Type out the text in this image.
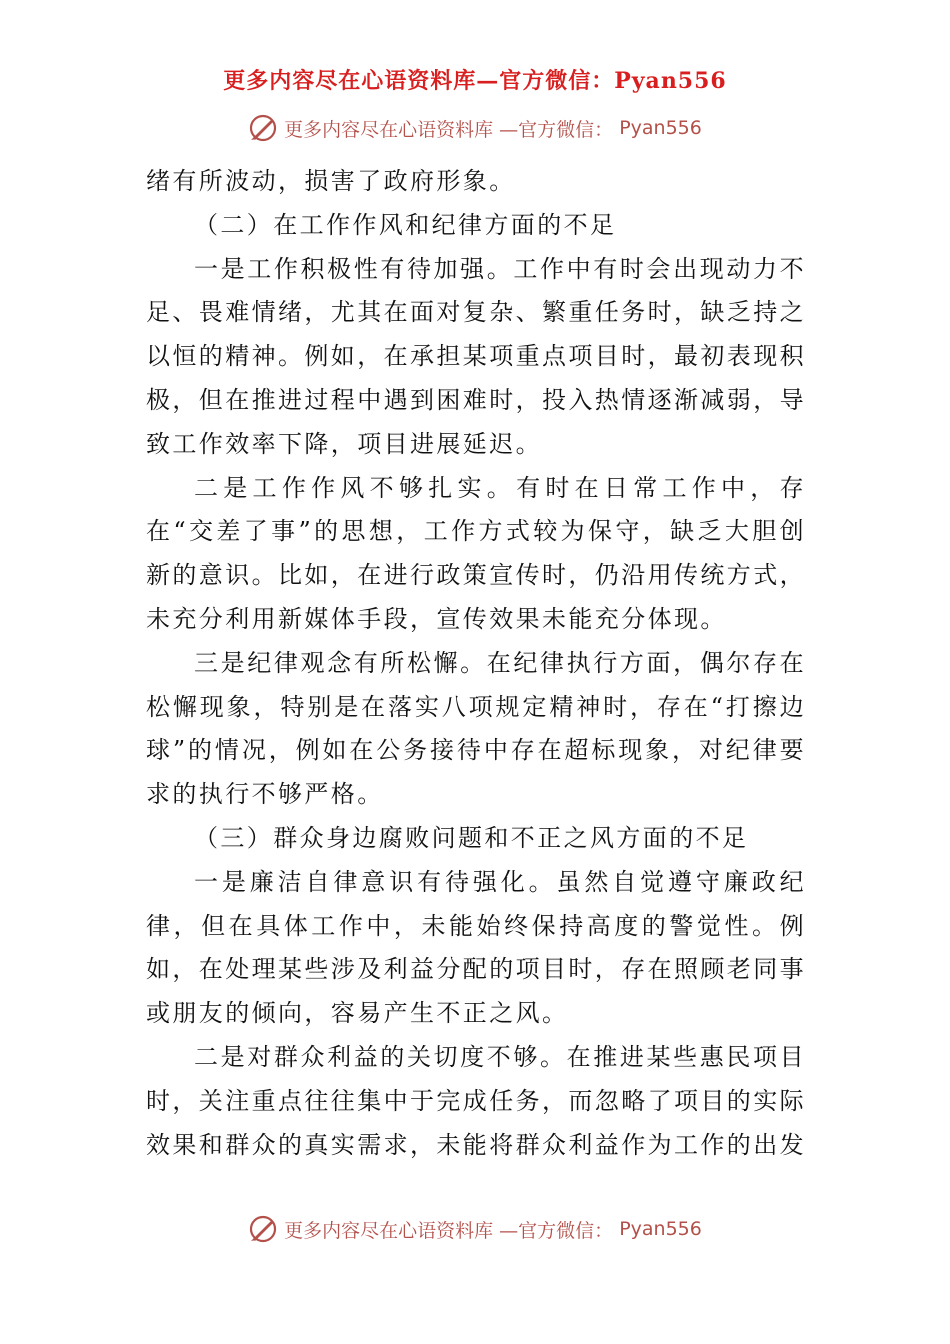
更多内容尽在心语资料库—官方微信：Pyan556
更多内容尽在心语资料库 —官方微信： Pyan556

绪有所波动，损害了政府形象。

（二）在工作作风和纪律方面的不足

一是工作积极性有待加强。工作中有时会出现动力不足、畏难情绪，尤其在面对复杂、繁重任务时，缺乏持之以恒的精神。例如，在承担某项重点项目时，最初表现积极，但在推进过程中遇到困难时，投入热情逐渐减弱，导致工作效率下降，项目进展延迟。

二是工作作风不够扎实。有时在日常工作中，存在“交差了事”的思想，工作方式较为保守，缺乏大胆创新的意识。比如，在进行政策宣传时，仍沿用传统方式，未充分利用新媒体手段，宣传效果未能充分体现。

三是纪律观念有所松懈。在纪律执行方面，偶尔存在松懈现象，特别是在落实八项规定精神时，存在“打擦边球”的情况，例如在公务接待中存在超标现象，对纪律要求的执行不够严格。

（三）群众身边腐败问题和不正之风方面的不足

一是廉洁自律意识有待强化。虽然自觉遵守廉政纪律，但在具体工作中，未能始终保持高度的警觉性。例如，在处理某些涉及利益分配的项目时，存在照顾老同事或朋友的倾向，容易产生不正之风。

二是对群众利益的关切度不够。在推进某些惠民项目时，关注重点往往集中于完成任务，而忽略了项目的实际效果和群众的真实需求，未能将群众利益作为工作的出发

更多内容尽在心语资料库 —官方微信： Pyan556
